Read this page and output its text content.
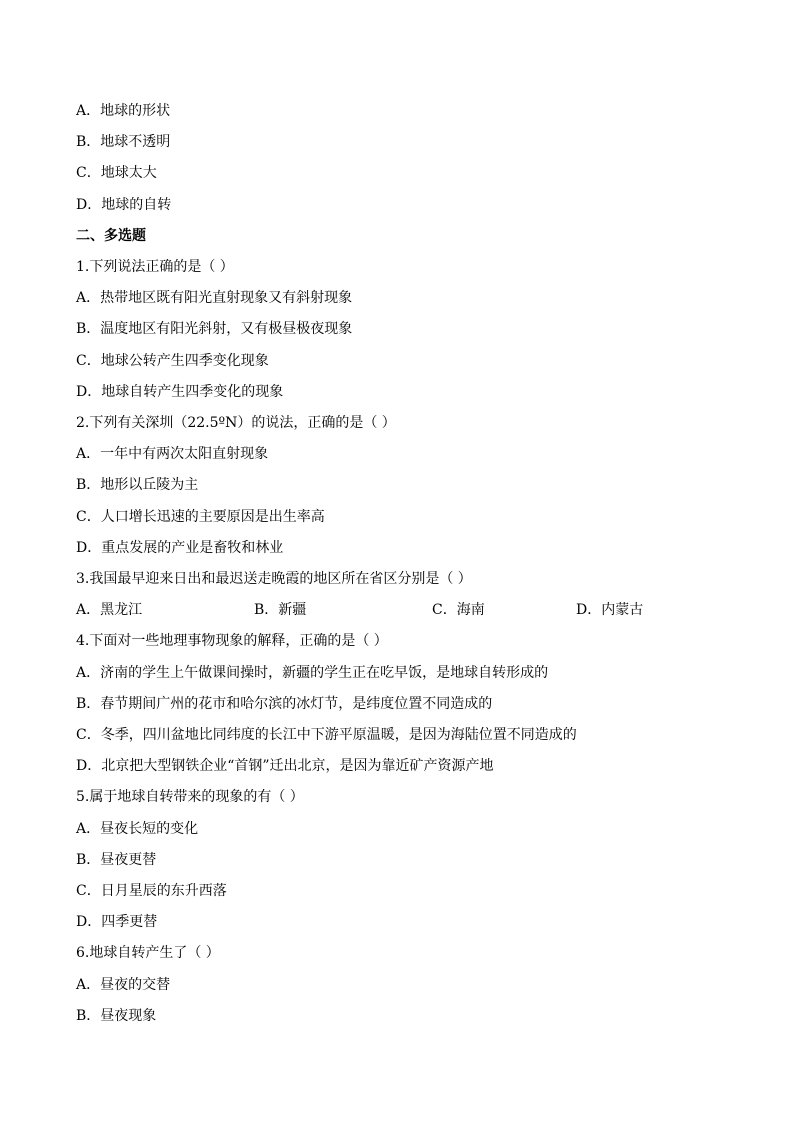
A．地球的形状
B．地球不透明
C．地球太大
D．地球的自转
二、多选题
1.下列说法正确的是（ ）
A．热带地区既有阳光直射现象又有斜射现象
B．温度地区有阳光斜射，又有极昼极夜现象
C．地球公转产生四季变化现象
D．地球自转产生四季变化的现象
2.下列有关深圳（22.5ºN）的说法，正确的是（ ）
A．一年中有两次太阳直射现象
B．地形以丘陵为主
C．人口增长迅速的主要原因是出生率高
D．重点发展的产业是畜牧和林业
3.我国最早迎来日出和最迟送走晚霞的地区所在省区分别是（ ）
A．黑龙江	B．新疆	C．海南	D．内蒙古
4.下面对一些地理事物现象的解释，正确的是（ ）
A．济南的学生上午做课间操时，新疆的学生正在吃早饭，是地球自转形成的
B．春节期间广州的花市和哈尔滨的冰灯节，是纬度位置不同造成的
C．冬季，四川盆地比同纬度的长江中下游平原温暖，是因为海陆位置不同造成的
D．北京把大型钢铁企业“首钢”迁出北京，是因为靠近矿产资源产地
5.属于地球自转带来的现象的有（ ）
A．昼夜长短的变化
B．昼夜更替
C．日月星辰的东升西落
D．四季更替
6.地球自转产生了（ ）
A．昼夜的交替
B．昼夜现象
